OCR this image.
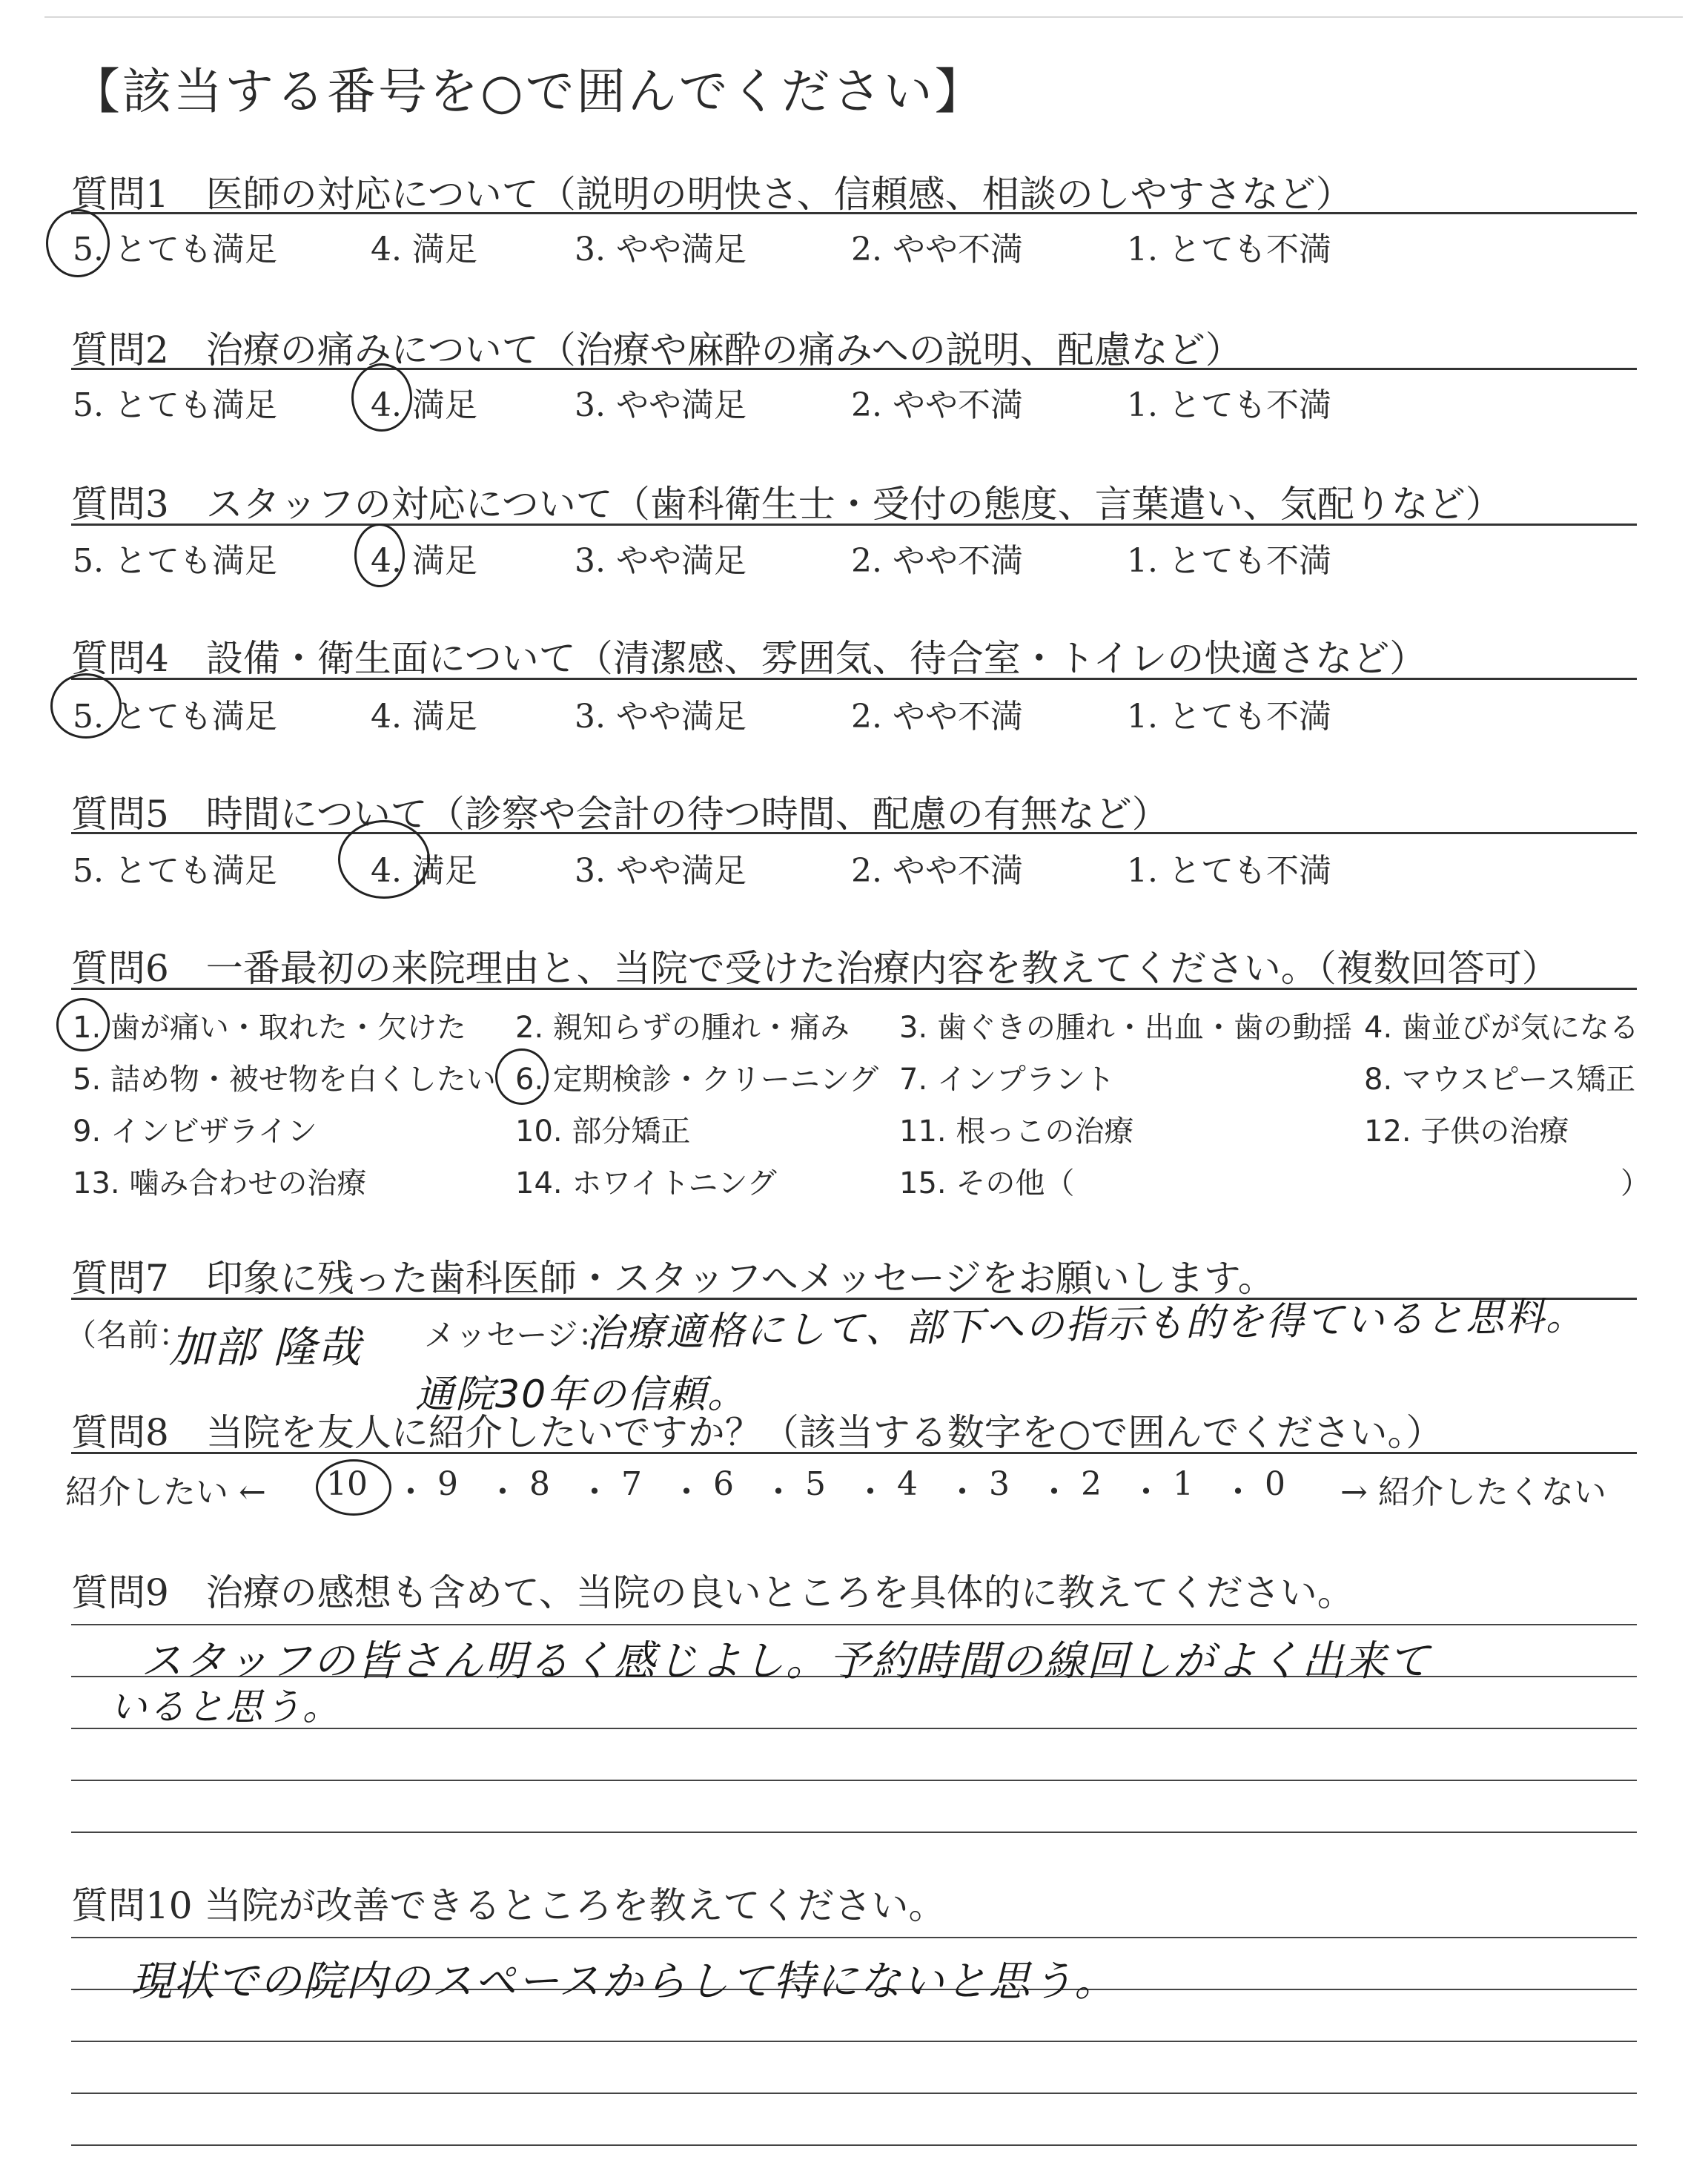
【該当する番号を○で囲んでください】
質問1　医師の対応について（説明の明快さ、信頼感、相談のしやすさなど）
5. とても満足	4. 満足	3. やや満足	2. やや不満	1. とても不満
質問2　治療の痛みについて（治療や麻酔の痛みへの説明、配慮など）
5. とても満足	4. 満足	3. やや満足	2. やや不満	1. とても不満
質問3　スタッフの対応について（歯科衛生士・受付の態度、言葉遣い、気配りなど）
5. とても満足	4. 満足	3. やや満足	2. やや不満	1. とても不満
質問4　設備・衛生面について（清潔感、雰囲気、待合室・トイレの快適さなど）
5. とても満足	4. 満足	3. やや満足	2. やや不満	1. とても不満
質問5　時間について（診察や会計の待つ時間、配慮の有無など）
5. とても満足	4. 満足	3. やや満足	2. やや不満	1. とても不満
質問6　一番最初の来院理由と、当院で受けた治療内容を教えてください。（複数回答可）
1. 歯が痛い・取れた・欠けた 2. 親知らずの腫れ・痛み 3. 歯ぐきの腫れ・出血・歯の動揺 4. 歯並びが気になる
5. 詰め物・被せ物を白くしたい 6. 定期検診・クリーニング 7. インプラント	8. マウスピース矯正
9. インビザライン	10. 部分矯正	11. 根っこの治療	12. 子供の治療
13. 噛み合わせの治療	14. ホワイトニング	15. その他（	）
質問7　印象に残った歯科医師・スタッフへメッセージをお願いします。
（名前：
加部 隆哉 メッセージ：
治療適格にして、部下への指示も的を得ていると思料。
通院30年の信頼。
質問8　当院を友人に紹介したいですか？（該当する数字を○で囲んでください。）
紹介したい ← 10 ・ 9 ・ 8 ・ 7 ・ 6 ・ 5 ・ 4 ・ 3 ・ 2 ・ 1 ・ 0 → 紹介したくない
質問9　治療の感想も含めて、当院の良いところを具体的に教えてください。
スタッフの皆さん明るく感じよし。予約時間の線回しがよく出来て
いると思う。
質問10 当院が改善できるところを教えてください。
現状での院内のスペースからして特にないと思う。
